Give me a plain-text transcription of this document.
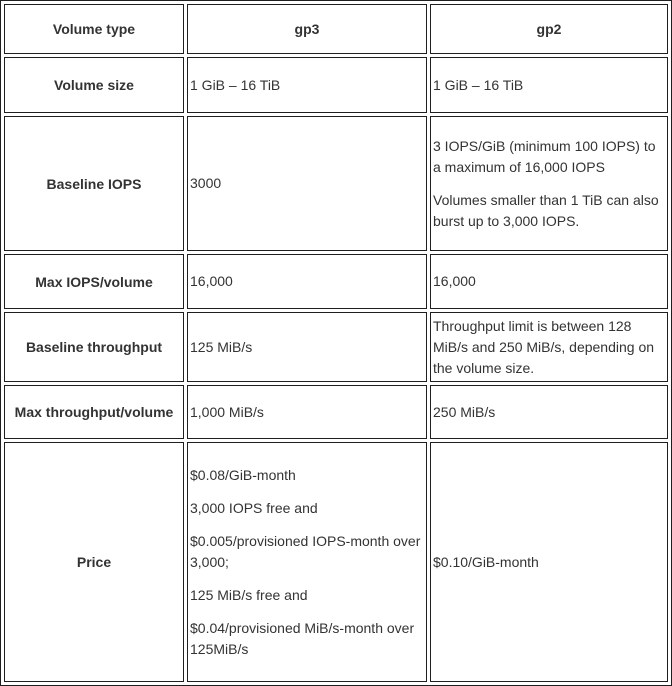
Volume type	gp3	gp2
Volume size	1 GiB – 16 TiB	1 GiB – 16 TiB

Baseline IOPS	3000	3 IOPS/GiB (minimum 100 IOPS) to a maximum of 16,000 IOPS

Volumes smaller than 1 TiB can also burst up to 3,000 IOPS.

Max IOPS/volume	16,000	16,000

Baseline throughput	125 MiB/s	Throughput limit is between 128 MiB/s and 250 MiB/s, depending on the volume size.

Max throughput/volume	1,000 MiB/s	250 MiB/s

Price	$0.08/GiB-month

3,000 IOPS free and

$0.005/provisioned IOPS-month over 3,000;

125 MiB/s free and

$0.04/provisioned MiB/s-month over 125MiB/s	$0.10/GiB-month
